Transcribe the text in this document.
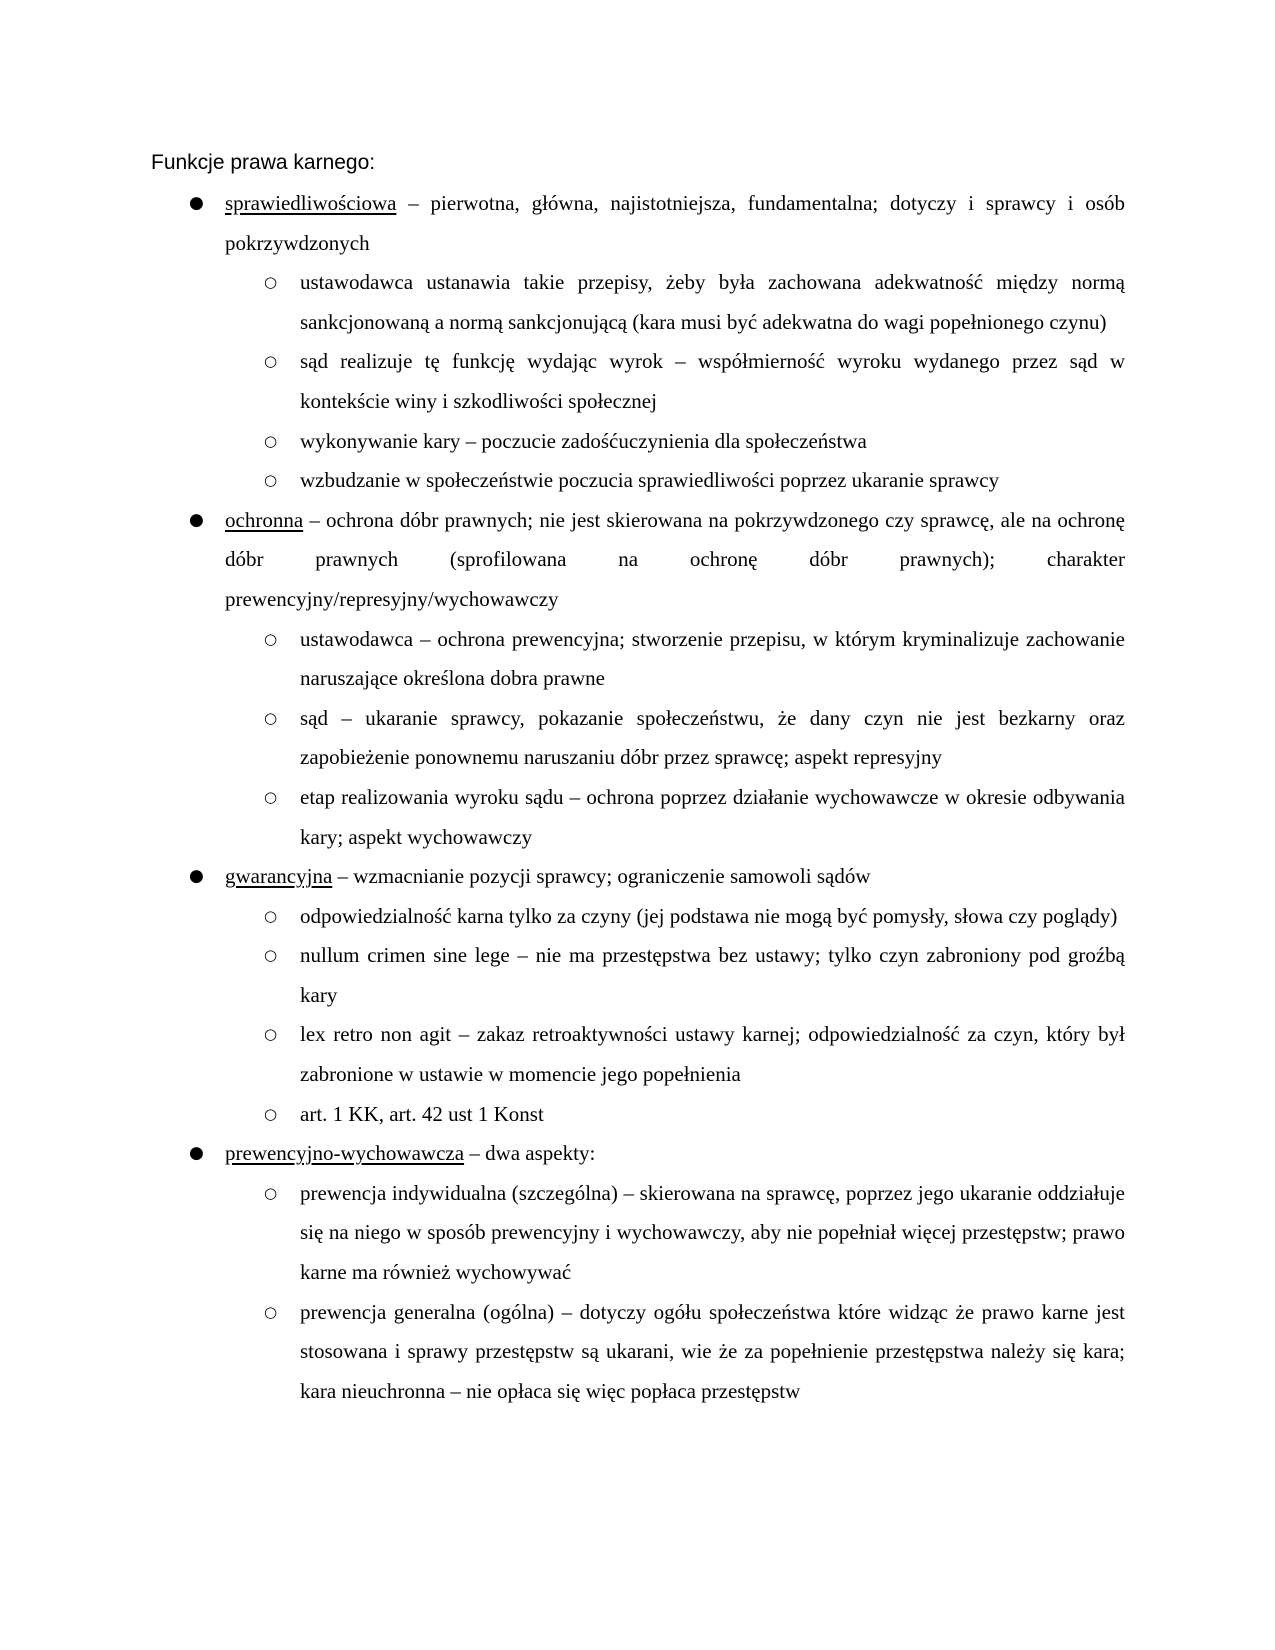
Funkcje prawa karnego:
● sprawiedliwościowa – pierwotna, główna, najistotniejsza, fundamentalna; dotyczy i sprawcy i osób pokrzywdzonych
○ ustawodawca ustanawia takie przepisy, żeby była zachowana adekwatność między normą sankcjonowaną a normą sankcjonującą (kara musi być adekwatna do wagi popełnionego czynu)
○ sąd realizuje tę funkcję wydając wyrok – współmierność wyroku wydanego przez sąd w kontekście winy i szkodliwości społecznej
○ wykonywanie kary – poczucie zadośćuczynienia dla społeczeństwa
○ wzbudzanie w społeczeństwie poczucia sprawiedliwości poprzez ukaranie sprawcy
● ochronna – ochrona dóbr prawnych; nie jest skierowana na pokrzywdzonego czy sprawcę, ale na ochronę dóbr prawnych (sprofilowana na ochronę dóbr prawnych); charakter prewencyjny/represyjny/wychowawczy
○ ustawodawca – ochrona prewencyjna; stworzenie przepisu, w którym kryminalizuje zachowanie naruszające określona dobra prawne
○ sąd – ukaranie sprawcy, pokazanie społeczeństwu, że dany czyn nie jest bezkarny oraz zapobieżenie ponownemu naruszaniu dóbr przez sprawcę; aspekt represyjny
○ etap realizowania wyroku sądu – ochrona poprzez działanie wychowawcze w okresie odbywania kary; aspekt wychowawczy
● gwarancyjna – wzmacnianie pozycji sprawcy; ograniczenie samowoli sądów
○ odpowiedzialność karna tylko za czyny (jej podstawa nie mogą być pomysły, słowa czy poglądy)
○ nullum crimen sine lege – nie ma przestępstwa bez ustawy; tylko czyn zabroniony pod groźbą kary
○ lex retro non agit – zakaz retroaktywności ustawy karnej; odpowiedzialność za czyn, który był zabronione w ustawie w momencie jego popełnienia
○ art. 1 KK, art. 42 ust 1 Konst
● prewencyjno-wychowawcza – dwa aspekty:
○ prewencja indywidualna (szczególna) – skierowana na sprawcę, poprzez jego ukaranie oddziałuje się na niego w sposób prewencyjny i wychowawczy, aby nie popełniał więcej przestępstw; prawo karne ma również wychowywać
○ prewencja generalna (ogólna) – dotyczy ogółu społeczeństwa które widząc że prawo karne jest stosowana i sprawy przestępstw są ukarani, wie że za popełnienie przestępstwa należy się kara; kara nieuchronna – nie opłaca się więc popłaca przestępstw
